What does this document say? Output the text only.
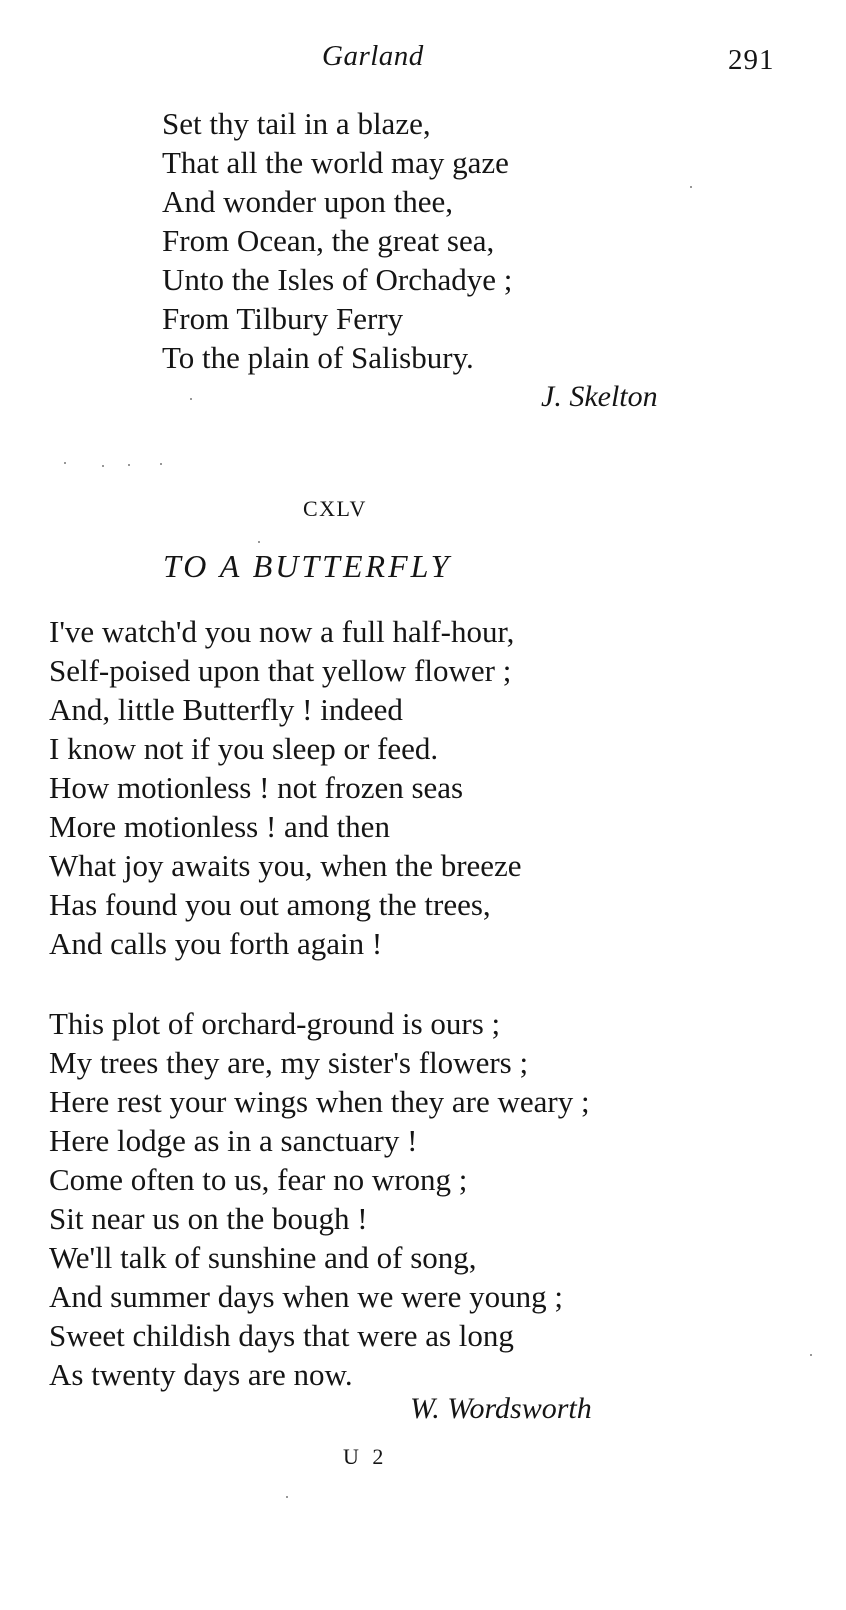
Garland	291
Set thy tail in a blaze,
That all the world may gaze
And wonder upon thee,
From Ocean, the great sea,
Unto the Isles of Orchadye ;
From Tilbury Ferry
To the plain of Salisbury.
J. Skelton
CXLV
TO A BUTTERFLY
I've watch'd you now a full half-hour,
Self-poised upon that yellow flower ;
And, little Butterfly ! indeed
I know not if you sleep or feed.
How motionless ! not frozen seas
More motionless ! and then
What joy awaits you, when the breeze
Has found you out among the trees,
And calls you forth again !
This plot of orchard-ground is ours ;
My trees they are, my sister's flowers ;
Here rest your wings when they are weary ;
Here lodge as in a sanctuary !
Come often to us, fear no wrong ;
Sit near us on the bough !
We'll talk of sunshine and of song,
And summer days when we were young ;
Sweet childish days that were as long
As twenty days are now.
W. Wordsworth
U 2
